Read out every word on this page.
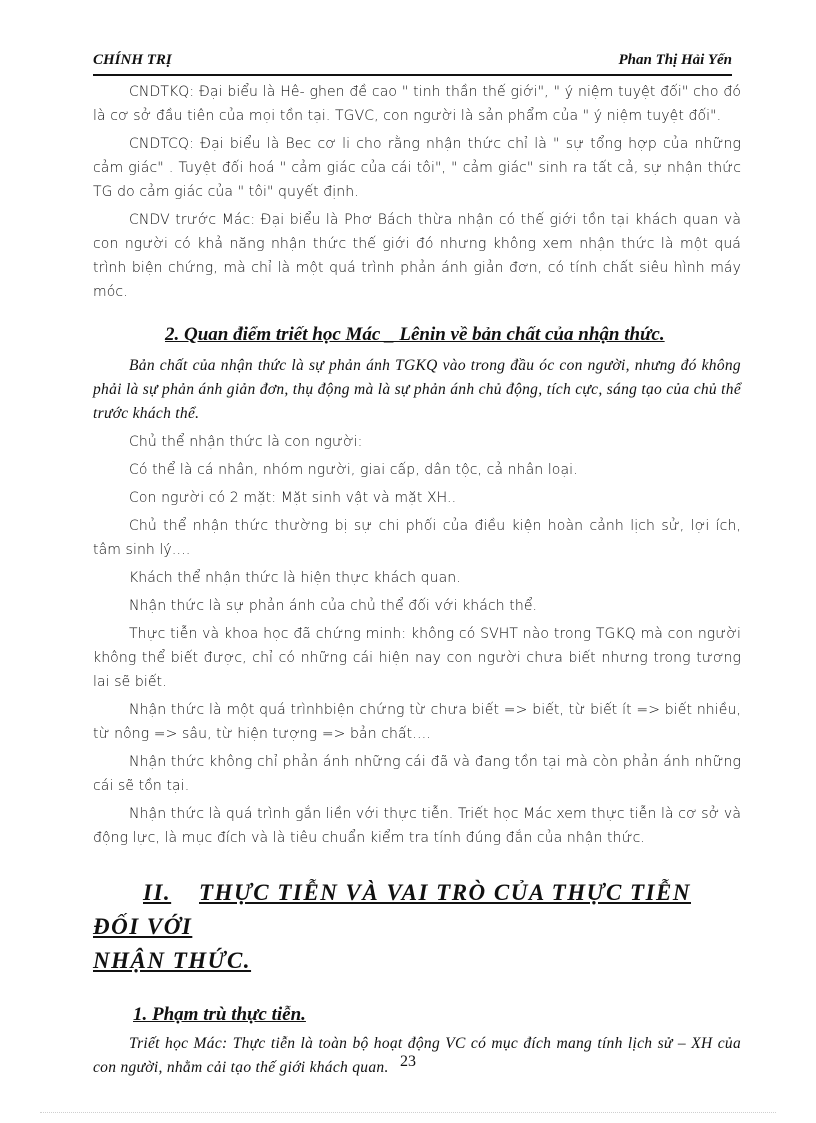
CHÍNH TRỊ	Phan Thị Hải Yến

CNDTKQ: Đại biểu là Hê- ghen đề cao " tinh thần thế giới", " ý niệm tuyệt đối" cho đó là cơ sở đầu tiên của mọi tồn tại. TGVC, con người là sản phẩm của " ý niệm tuyệt đối".

CNDTCQ: Đại biểu là Bec cơ li cho rằng nhận thức chỉ là " sự tổng hợp của những cảm giác" . Tuyệt đối hoá " cảm giác của cái tôi", " cảm giác" sinh ra tất cả, sự nhận thức TG do cảm giác của " tôi" quyết định.

CNDV trước Mác: Đại biểu là Phơ Bách thừa nhận có thế giới tồn tại khách quan và con người có khả năng nhận thức thế giới đó nhưng không xem nhận thức là một quá trình biện chứng, mà chỉ là một quá trình phản ánh giản đơn, có tính chất siêu hình máy móc.

2. Quan điểm triết học Mác _ Lênin về bản chất của nhận thức.

Bản chất của nhận thức là sự phản ánh TGKQ vào trong đầu óc con người, nhưng đó không phải là sự phản ánh giản đơn, thụ động mà là sự phản ánh chủ động, tích cực, sáng tạo của chủ thể trước khách thể.

Chủ thể nhận thức là con người:

Có thể là cá nhân, nhóm người, giai cấp, dân tộc, cả nhân loại.

Con người có 2 mặt: Mặt sinh vật và mặt XH..

Chủ thể nhận thức thường bị sự chi phối của điều kiện hoàn cảnh lịch sử, lợi ích, tâm sinh lý….

Khách thể nhận thức là hiện thực khách quan.

Nhận thức là sự phản ánh của chủ thể đối với khách thể.

Thực tiễn và khoa học đã chứng minh: không có SVHT nào trong TGKQ mà con người không thể biết được, chỉ có những cái hiện nay con người chưa biết nhưng trong tương lai sẽ biết.

Nhận thức là một quá trìnhbiện chứng từ chưa biết => biết, từ biết ít => biết nhiều, từ nông => sâu, từ hiện tượng => bản chất….

Nhận thức không chỉ phản ánh những cái đã và đang tồn tại mà còn phản ánh những cái sẽ tồn tại.

Nhận thức là quá trình gắn liền với thực tiễn. Triết học Mác xem thực tiễn là cơ sở và động lực, là mục đích và là tiêu chuẩn kiểm tra tính đúng đắn của nhận thức.

II. THỰC TIỄN VÀ VAI TRÒ CỦA THỰC TIỄN ĐỐI VỚI
NHẬN THỨC.
1. Phạm trù thực tiễn.

Triết học Mác: Thực tiễn là toàn bộ hoạt động VC có mục đích mang tính lịch sử – XH của con người, nhằm cải tạo thế giới khách quan. 23
